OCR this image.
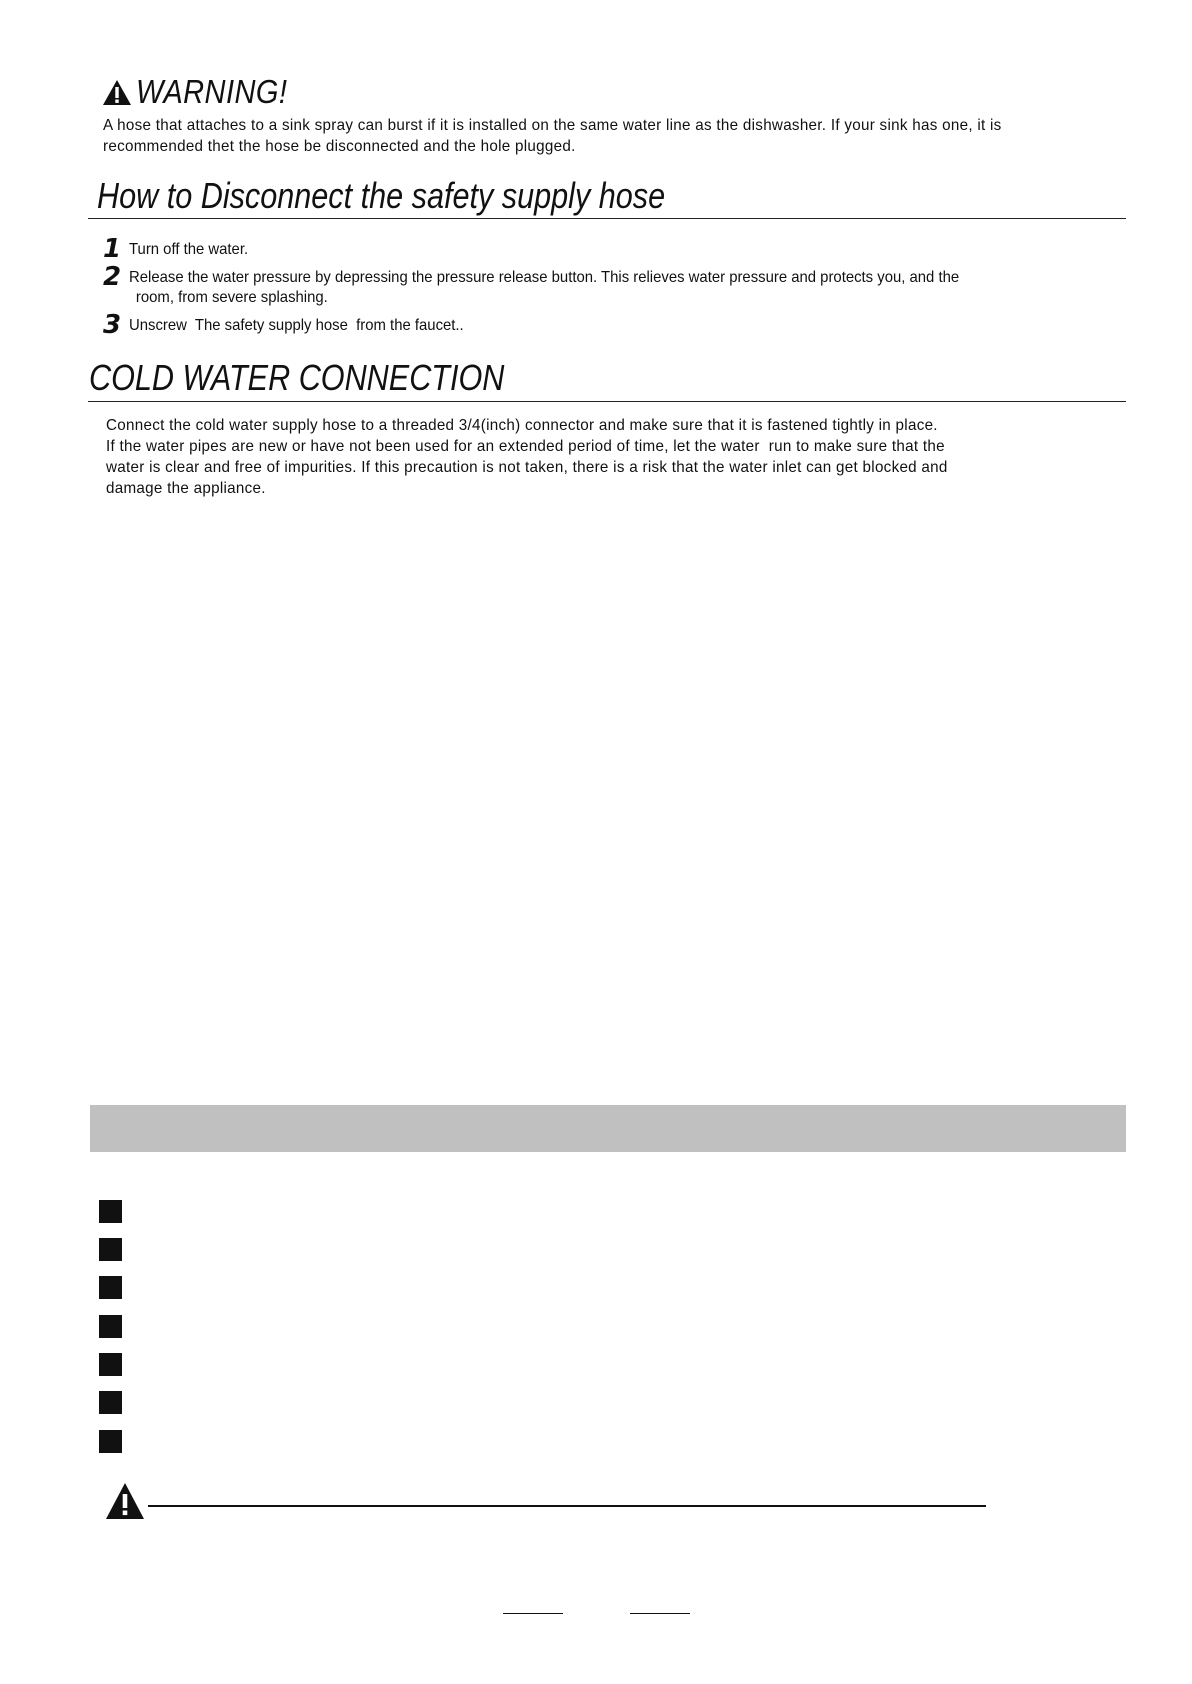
WARNING!
A hose that attaches to a sink spray can burst if it is installed on the same water line as the dishwasher. If your sink has one, it is
recommended thet the hose be disconnected and the hole plugged.
How to Disconnect the safety supply hose
1 Turn off the water.
2 Release the water pressure by depressing the pressure release button. This relieves water pressure and protects you, and the
room, from severe splashing.
3 Unscrew  The safety supply hose  from the faucet..
COLD WATER CONNECTION
Connect the cold water supply hose to a threaded 3/4(inch) connector and make sure that it is fastened tightly in place.
If the water pipes are new or have not been used for an extended period of time, let the water  run to make sure that the
water is clear and free of impurities. If this precaution is not taken, there is a risk that the water inlet can get blocked and
damage the appliance.
